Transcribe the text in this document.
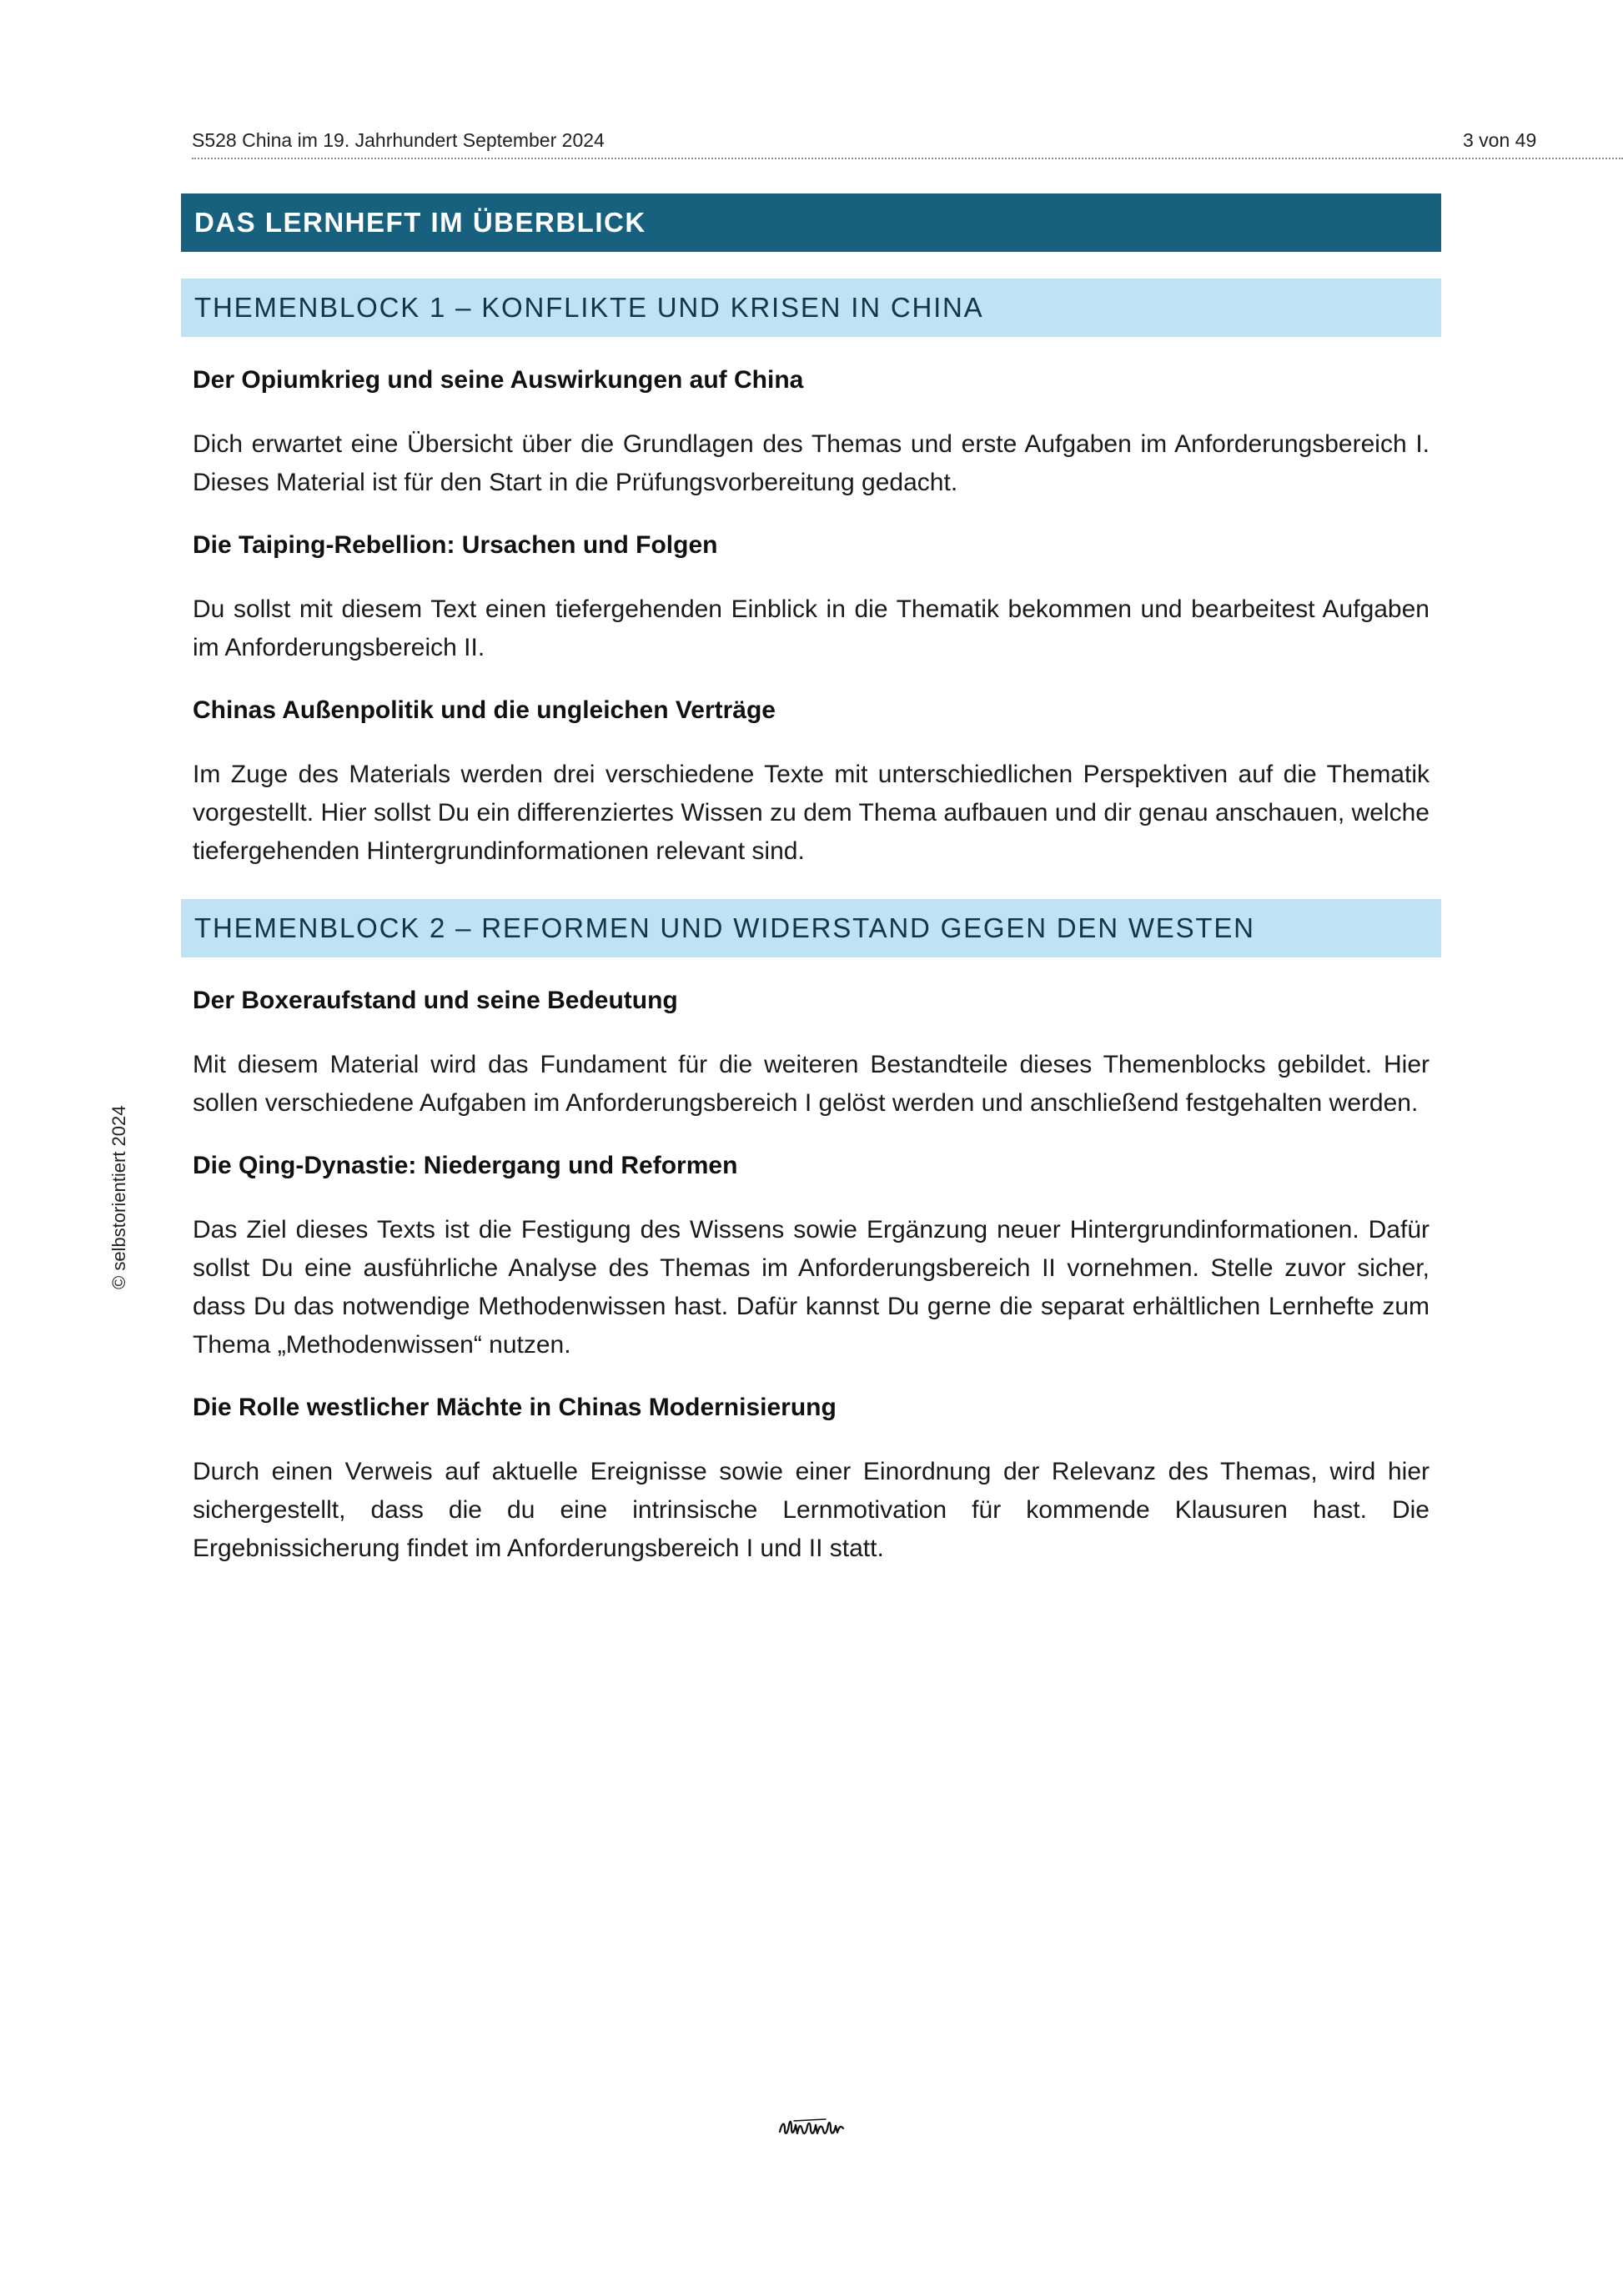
S528 China im 19. Jahrhundert September 2024	3 von 49
DAS LERNHEFT IM ÜBERBLICK
THEMENBLOCK 1 – KONFLIKTE UND KRISEN IN CHINA
Der Opiumkrieg und seine Auswirkungen auf China
Dich erwartet eine Übersicht über die Grundlagen des Themas und erste Aufgaben im Anforderungsbereich I. Dieses Material ist für den Start in die Prüfungsvorbereitung gedacht.
Die Taiping-Rebellion: Ursachen und Folgen
Du sollst mit diesem Text einen tiefergehenden Einblick in die Thematik bekommen und bearbeitest Aufgaben im Anforderungsbereich II.
Chinas Außenpolitik und die ungleichen Verträge
Im Zuge des Materials werden drei verschiedene Texte mit unterschiedlichen Perspektiven auf die Thematik vorgestellt. Hier sollst Du ein differenziertes Wissen zu dem Thema aufbauen und dir genau anschauen, welche tiefergehenden Hintergrundinformationen relevant sind.
THEMENBLOCK 2 – REFORMEN UND WIDERSTAND GEGEN DEN WESTEN
Der Boxeraufstand und seine Bedeutung
Mit diesem Material wird das Fundament für die weiteren Bestandteile dieses Themenblocks gebildet. Hier sollen verschiedene Aufgaben im Anforderungsbereich I gelöst werden und anschließend festgehalten werden.
Die Qing-Dynastie: Niedergang und Reformen
Das Ziel dieses Texts ist die Festigung des Wissens sowie Ergänzung neuer Hintergrundinformationen. Dafür sollst Du eine ausführliche Analyse des Themas im Anforderungsbereich II vornehmen. Stelle zuvor sicher, dass Du das notwendige Methodenwissen hast. Dafür kannst Du gerne die separat erhältlichen Lernhefte zum Thema „Methodenwissen“ nutzen.
Die Rolle westlicher Mächte in Chinas Modernisierung
Durch einen Verweis auf aktuelle Ereignisse sowie einer Einordnung der Relevanz des Themas, wird hier sichergestellt, dass die du eine intrinsische Lernmotivation für kommende Klausuren hast. Die Ergebnissicherung findet im Anforderungsbereich I und II statt.
© selbstorientiert 2024
